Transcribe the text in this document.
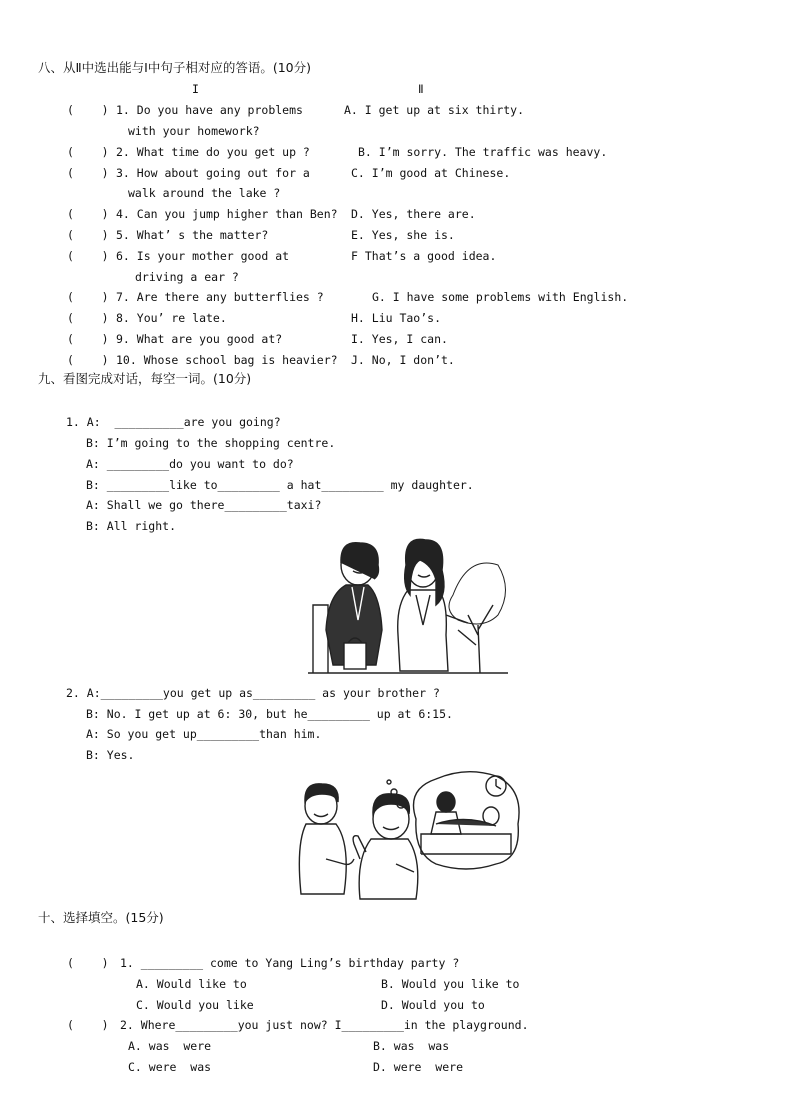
八、从Ⅱ中选出能与Ⅰ中句子相对应的答语。(10分)
I	Ⅱ
(    ) 1. Do you have any problems	A. I get up at six thirty.
with your homework?
(    ) 2. What time do you get up ?	B. I’m sorry. The traffic was heavy.
(    ) 3. How about going out for a	C. I’m good at Chinese.
walk around the lake ?
(    ) 4. Can you jump higher than Ben? D. Yes, there are.
(    ) 5. What’ s the matter?	E. Yes, she is.
(    ) 6. Is your mother good at	F That’s a good idea.
driving a ear ?
(    ) 7. Are there any butterflies ?	G. I have some problems with English.
(    ) 8. You’ re late.	H. Liu Tao’s.
(    ) 9. What are you good at?	I. Yes, I can.
(    ) 10. Whose school bag is heavier? J. No, I don’t.
九、看图完成对话，每空一词。(10分)
1. A:  __________are you going?
B: I’m going to the shopping centre.
A: _________do you want to do?
B: _________like to_________ a hat_________ my daughter.
A: Shall we go there_________taxi?
B: All right.
2. A:_________you get up as_________ as your brother ?
B: No. I get up at 6: 30, but he_________ up at 6:15.
A: So you get up_________than him.
B: Yes.
十、选择填空。(15分)
(    ) 1. _________ come to Yang Ling’s birthday party ?
A. Would like to	B. Would you like to
C. Would you like	D. Would you to
(    ) 2. Where_________you just now? I_________in the playground.
A. was  were	B. was  was
C. were  was	D. were  were
